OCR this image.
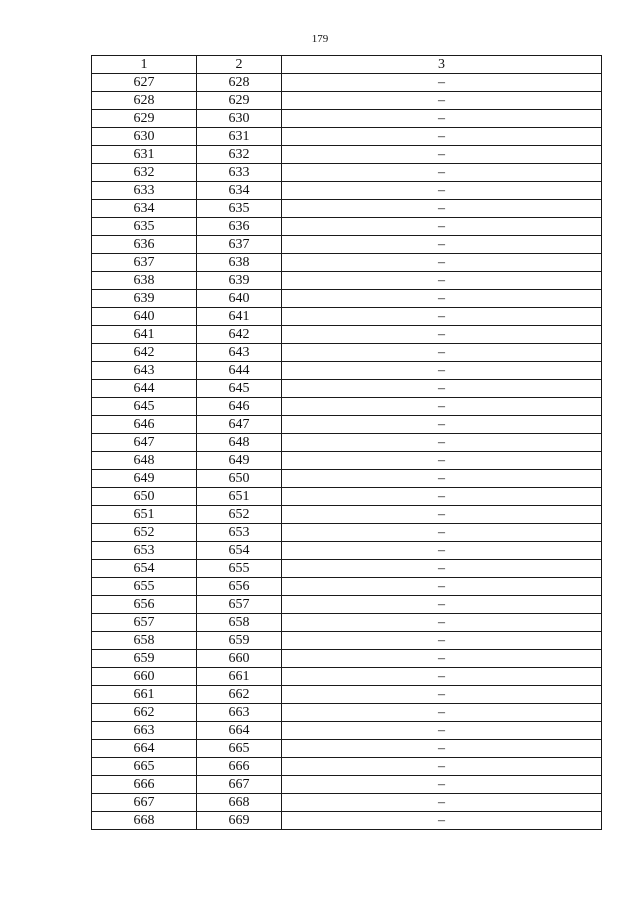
179
1	2	3
627	628	–
628	629	–
629	630	–
630	631	–
631	632	–
632	633	–
633	634	–
634	635	–
635	636	–
636	637	–
637	638	–
638	639	–
639	640	–
640	641	–
641	642	–
642	643	–
643	644	–
644	645	–
645	646	–
646	647	–
647	648	–
648	649	–
649	650	–
650	651	–
651	652	–
652	653	–
653	654	–
654	655	–
655	656	–
656	657	–
657	658	–
658	659	–
659	660	–
660	661	–
661	662	–
662	663	–
663	664	–
664	665	–
665	666	–
666	667	–
667	668	–
668	669	–
